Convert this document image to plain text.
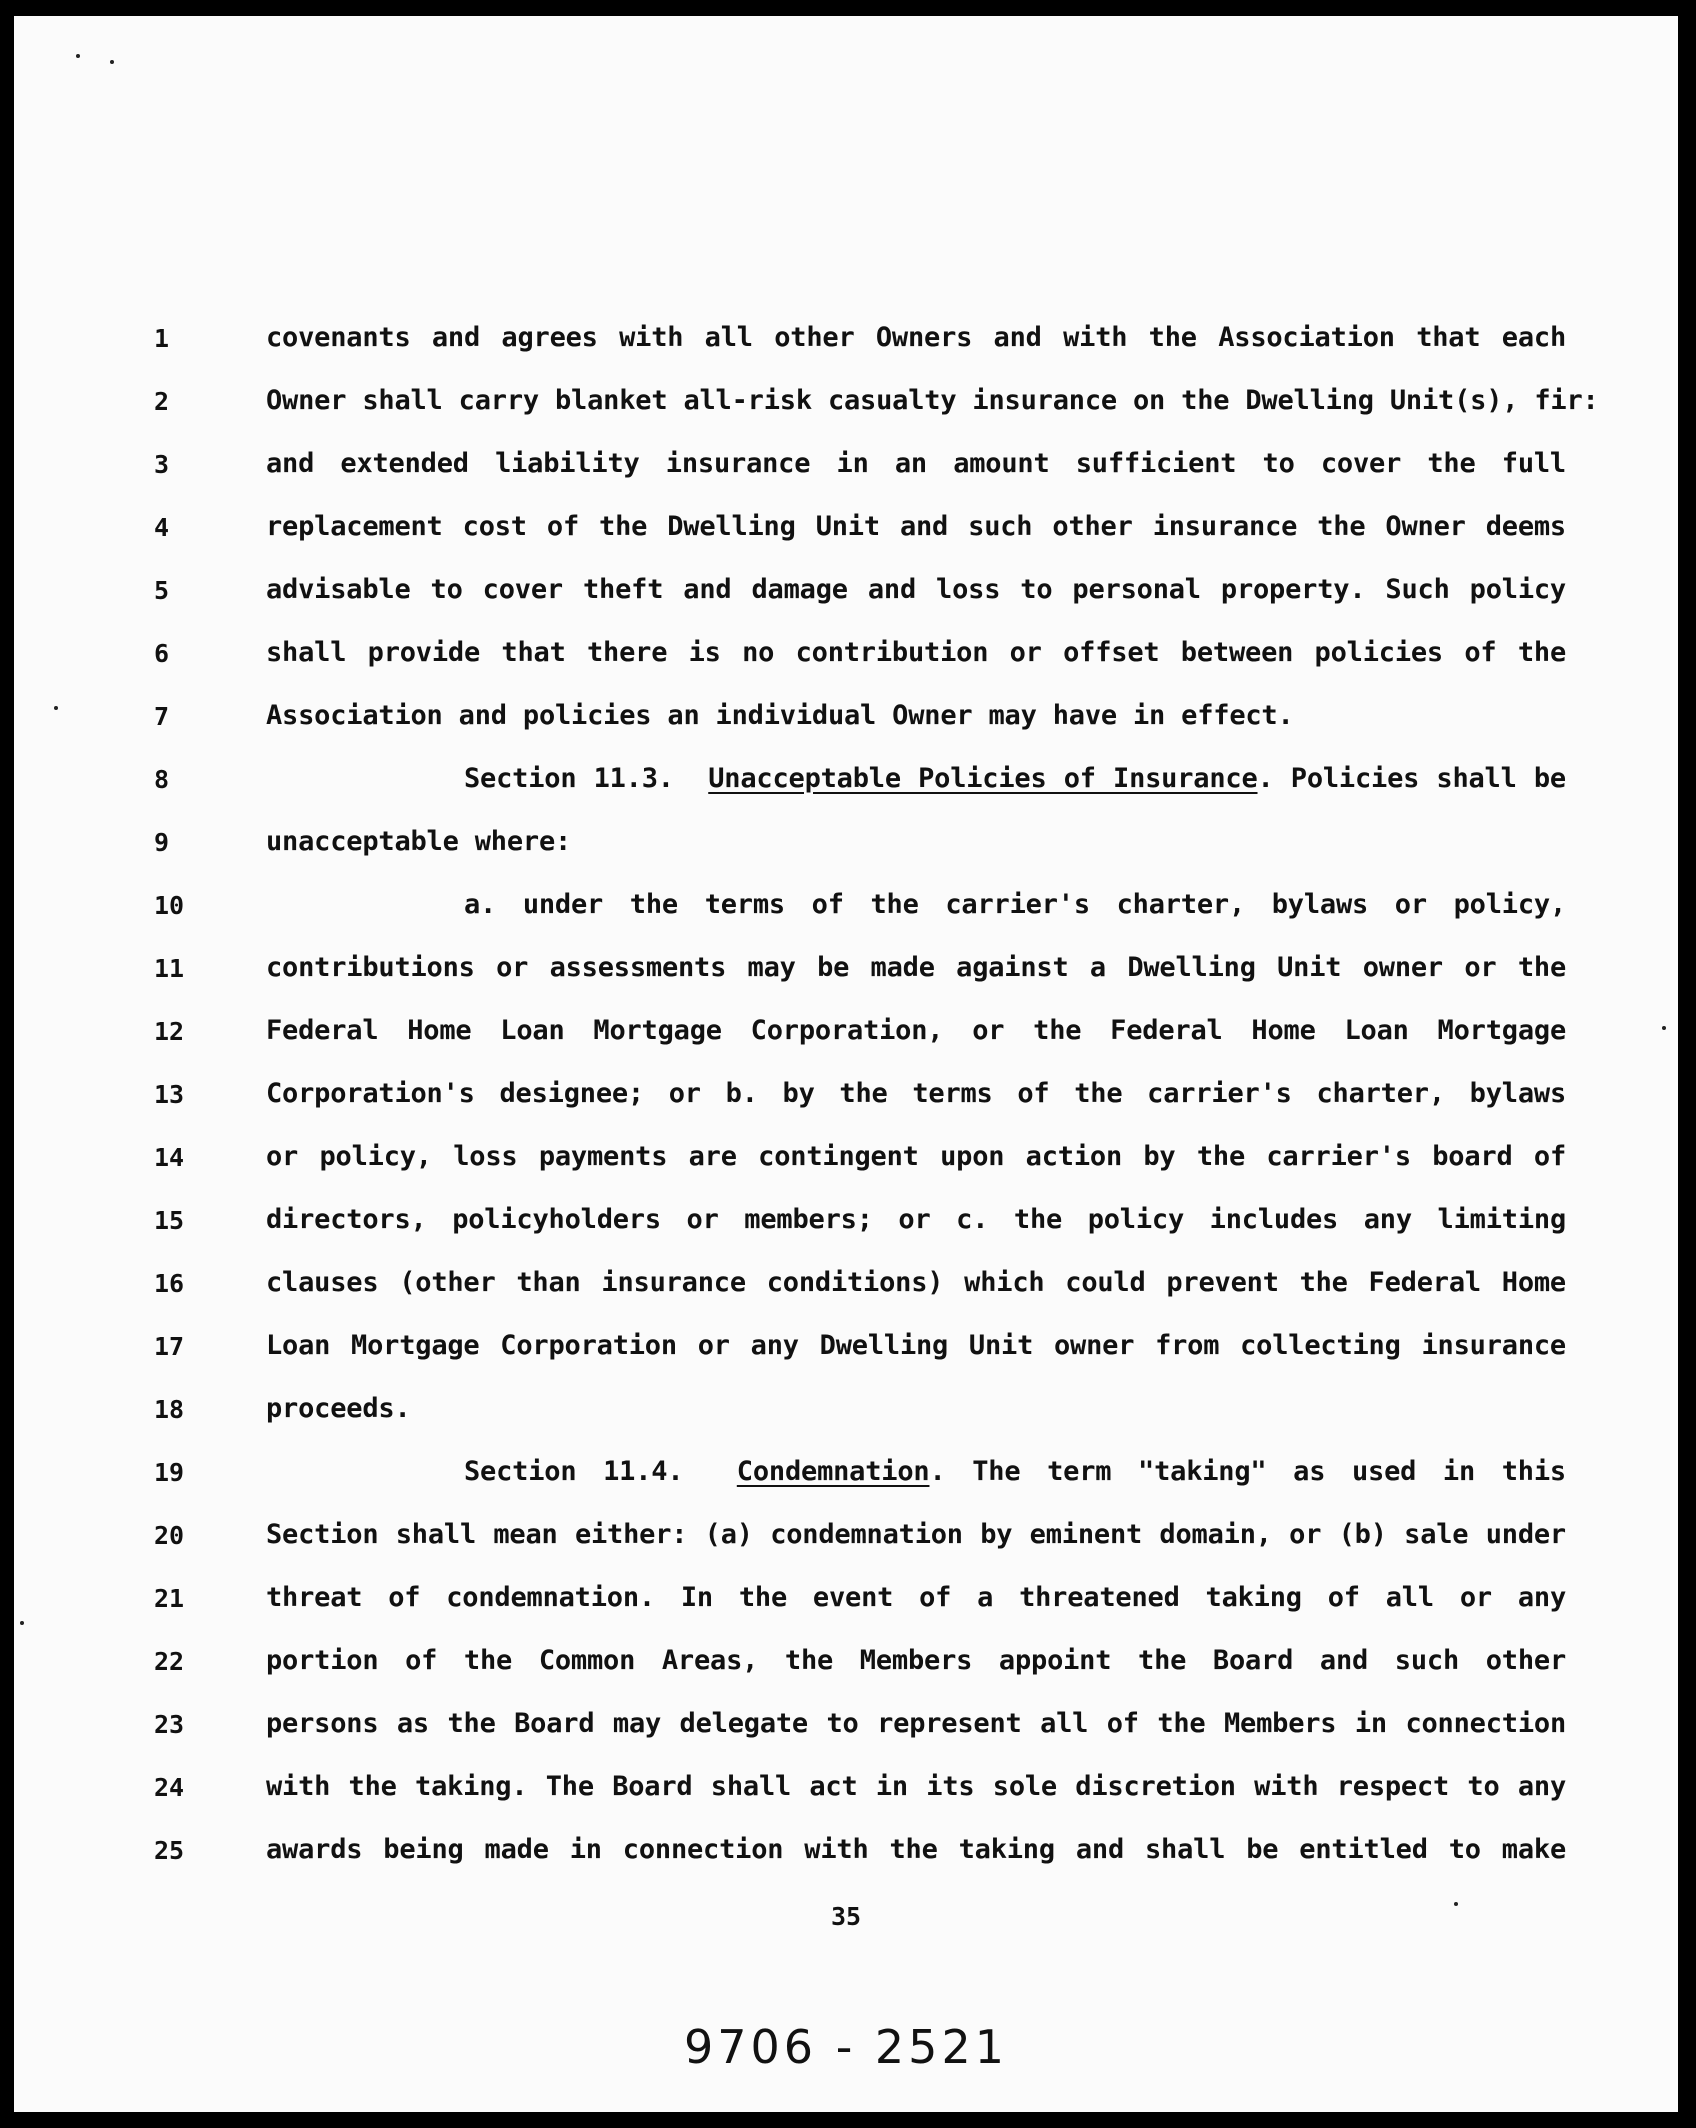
1	covenants and agrees with all other Owners and with the Association that each
2	Owner shall carry blanket all-risk casualty insurance on the Dwelling Unit(s), fir:
3	and extended liability insurance in an amount sufficient to cover the full
4	replacement cost of the Dwelling Unit and such other insurance the Owner deems
5	advisable to cover theft and damage and loss to personal property. Such policy
6	shall provide that there is no contribution or offset between policies of the
7	Association and policies an individual Owner may have in effect.
8	Section 11.3. Unacceptable Policies of Insurance. Policies shall be
9	unacceptable where:
10	a. under the terms of the carrier's charter, bylaws or policy,
11	contributions or assessments may be made against a Dwelling Unit owner or the
12	Federal Home Loan Mortgage Corporation, or the Federal Home Loan Mortgage
13	Corporation's designee; or b. by the terms of the carrier's charter, bylaws
14	or policy, loss payments are contingent upon action by the carrier's board of
15	directors, policyholders or members; or c. the policy includes any limiting
16	clauses (other than insurance conditions) which could prevent the Federal Home
17	Loan Mortgage Corporation or any Dwelling Unit owner from collecting insurance
18	proceeds.
19	Section 11.4. Condemnation. The term "taking" as used in this
20	Section shall mean either: (a) condemnation by eminent domain, or (b) sale under
21	threat of condemnation. In the event of a threatened taking of all or any
22	portion of the Common Areas, the Members appoint the Board and such other
23	persons as the Board may delegate to represent all of the Members in connection
24	with the taking. The Board shall act in its sole discretion with respect to any
25	awards being made in connection with the taking and shall be entitled to make
35
9706 - 2521
